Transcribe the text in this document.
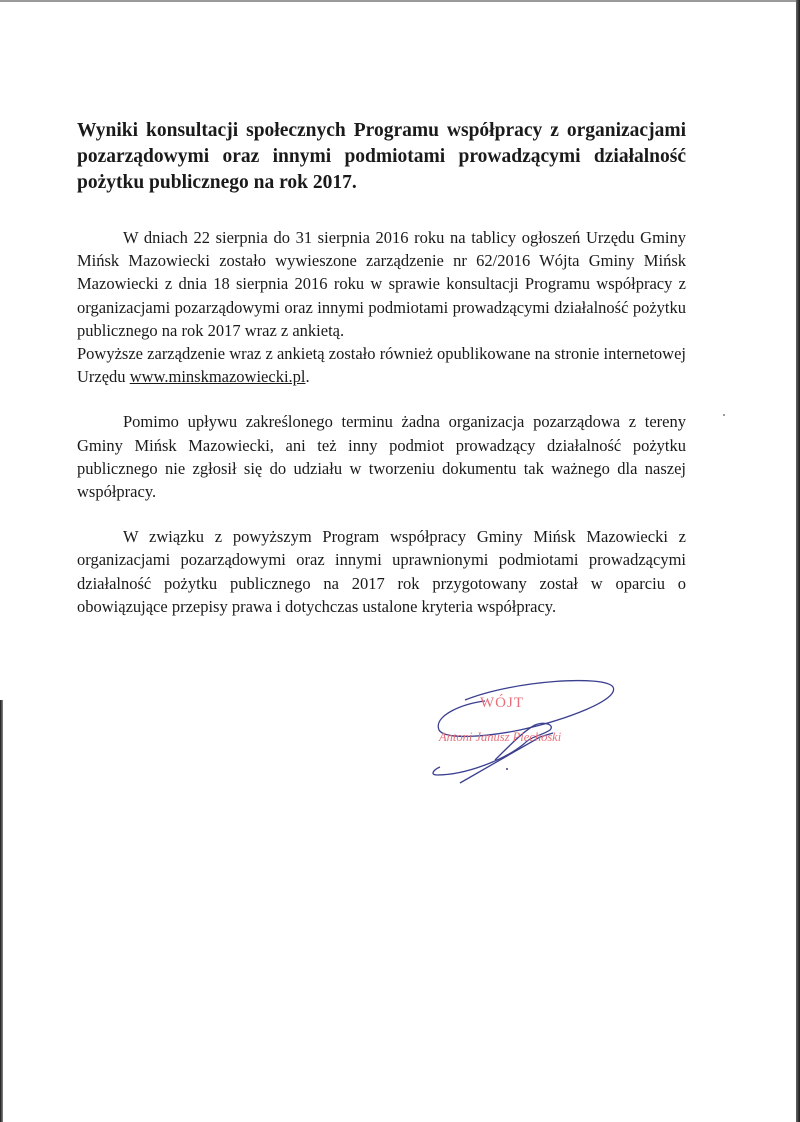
Wyniki konsultacji społecznych Programu współpracy z organizacjami pozarządowymi oraz innymi podmiotami prowadzącymi działalność pożytku publicznego na rok 2017.

W dniach 22 sierpnia do 31 sierpnia 2016 roku na tablicy ogłoszeń Urzędu Gminy Mińsk Mazowiecki zostało wywieszone zarządzenie nr 62/2016 Wójta Gminy Mińsk Mazowiecki z dnia 18 sierpnia 2016 roku w sprawie konsultacji Programu współpracy z organizacjami pozarządowymi oraz innymi podmiotami prowadzącymi działalność pożytku publicznego na rok 2017 wraz z ankietą.

Powyższe zarządzenie wraz z ankietą zostało również opublikowane na stronie internetowej Urzędu www.minskmazowiecki.pl.

Pomimo upływu zakreślonego terminu żadna organizacja pozarządowa z tereny Gminy Mińsk Mazowiecki, ani też inny podmiot prowadzący działalność pożytku publicznego nie zgłosił się do udziału w tworzeniu dokumentu tak ważnego dla naszej współpracy.

W związku z powyższym Program współpracy Gminy Mińsk Mazowiecki z organizacjami pozarządowymi oraz innymi uprawnionymi podmiotami prowadzącymi działalność pożytku publicznego na 2017 rok przygotowany został w oparciu o obowiązujące przepisy prawa i dotychczas ustalone kryteria współpracy.

WÓJT
Antoni Janusz Piechoski
